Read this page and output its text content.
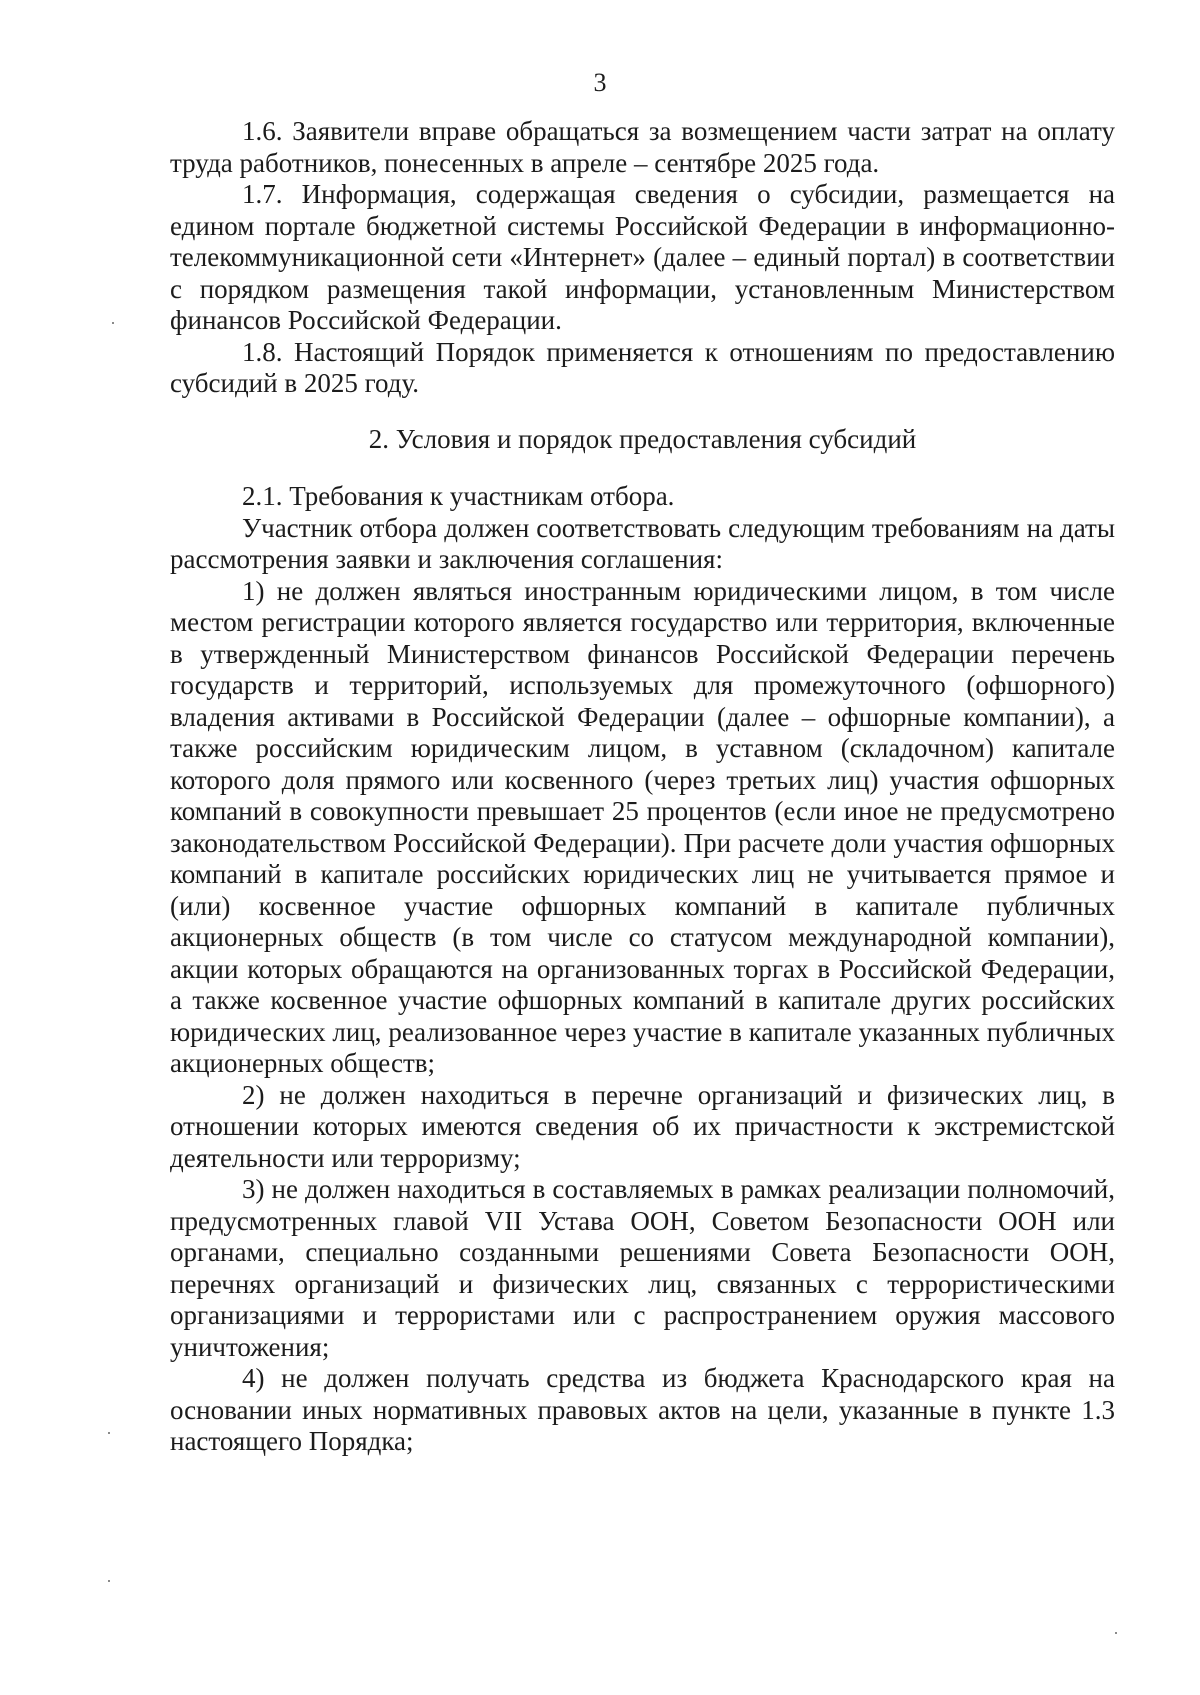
3

1.6. Заявители вправе обращаться за возмещением части затрат на оплату труда работников, понесенных в апреле – сентябре 2025 года.

1.7. Информация, содержащая сведения о субсидии, размещается на едином портале бюджетной системы Российской Федерации в информационно-телекоммуникационной сети «Интернет» (далее – единый портал) в соответствии с порядком размещения такой информации, установленным Министерством финансов Российской Федерации.

1.8. Настоящий Порядок применяется к отношениям по предоставлению субсидий в 2025 году.

2. Условия и порядок предоставления субсидий

2.1. Требования к участникам отбора.

Участник отбора должен соответствовать следующим требованиям на даты рассмотрения заявки и заключения соглашения:

1) не должен являться иностранным юридическими лицом, в том числе местом регистрации которого является государство или территория, включенные в утвержденный Министерством финансов Российской Федерации перечень государств и территорий, используемых для промежуточного (офшорного) владения активами в Российской Федерации (далее – офшорные компании), а также российским юридическим лицом, в уставном (складочном) капитале которого доля прямого или косвенного (через третьих лиц) участия офшорных компаний в совокупности превышает 25 процентов (если иное не предусмотрено законодательством Российской Федерации). При расчете доли участия офшорных компаний в капитале российских юридических лиц не учитывается прямое и (или) косвенное участие офшорных компаний в капитале публичных акционерных обществ (в том числе со статусом международной компании), акции которых обращаются на организованных торгах в Российской Федерации, а также косвенное участие офшорных компаний в капитале других российских юридических лиц, реализованное через участие в капитале указанных публичных акционерных обществ;

2) не должен находиться в перечне организаций и физических лиц, в отношении которых имеются сведения об их причастности к экстремистской деятельности или терроризму;

3) не должен находиться в составляемых в рамках реализации полномочий, предусмотренных главой VII Устава ООН, Советом Безопасности ООН или органами, специально созданными решениями Совета Безопасности ООН, перечнях организаций и физических лиц, связанных с террористическими организациями и террористами или с распространением оружия массового уничтожения;

4) не должен получать средства из бюджета Краснодарского края на основании иных нормативных правовых актов на цели, указанные в пункте 1.3 настоящего Порядка;
